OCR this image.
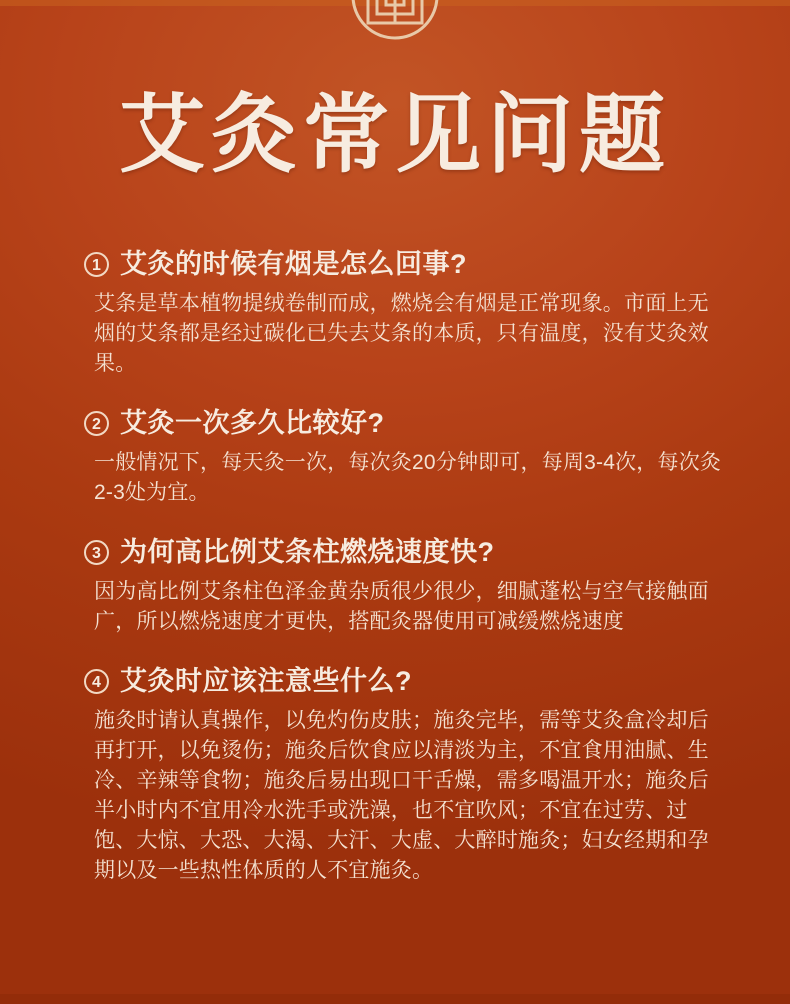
艾灸常见问题
1 艾灸的时候有烟是怎么回事?
艾条是草本植物提绒卷制而成，燃烧会有烟是正常现象。市面上无烟的艾条都是经过碳化已失去艾条的本质，只有温度，没有艾灸效果。
2 艾灸一次多久比较好?
一般情况下，每天灸一次，每次灸20分钟即可，每周3-4次，每次灸2-3处为宜。
3 为何高比例艾条柱燃烧速度快?
因为高比例艾条柱色泽金黄杂质很少很少，细腻蓬松与空气接触面广，所以燃烧速度才更快，搭配灸器使用可减缓燃烧速度
4 艾灸时应该注意些什么?
施灸时请认真操作，以免灼伤皮肤；施灸完毕，需等艾灸盒冷却后再打开，以免烫伤；施灸后饮食应以清淡为主，不宜食用油腻、生冷、辛辣等食物；施灸后易出现口干舌燥，需多喝温开水；施灸后半小时内不宜用冷水洗手或洗澡，也不宜吹风；不宜在过劳、过饱、大惊、大恐、大渴、大汗、大虚、大醉时施灸；妇女经期和孕期以及一些热性体质的人不宜施灸。
